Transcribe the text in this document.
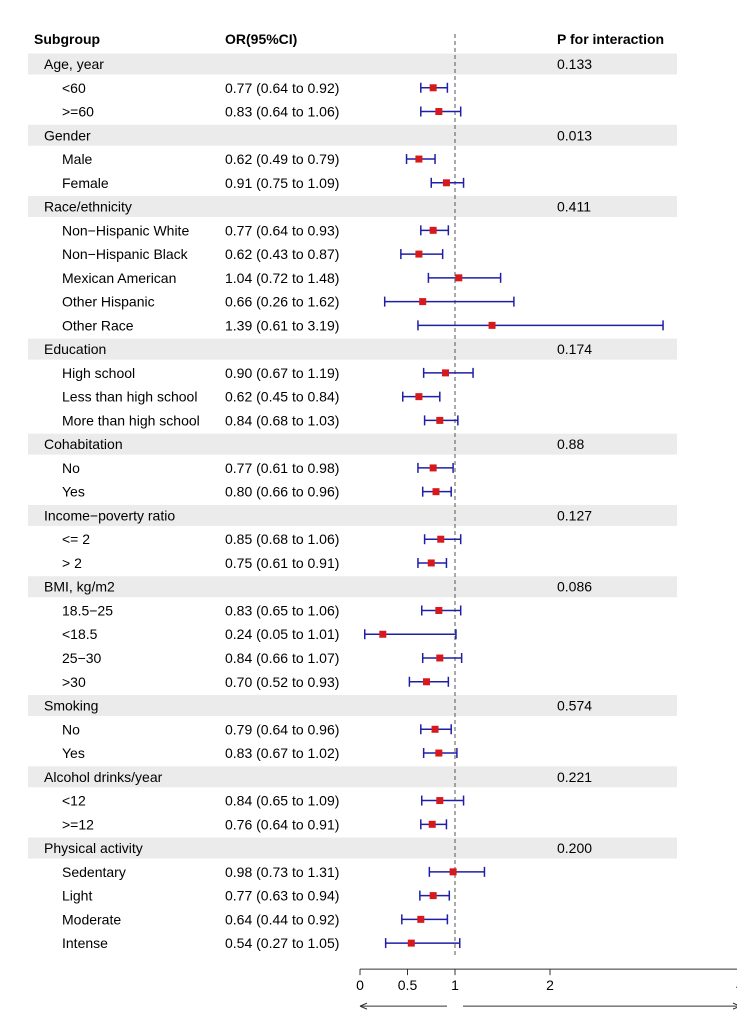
Subgroup	OR(95%CI)	P for interaction
Age, year	0.133
<60	0.77 (0.64 to 0.92)
>=60	0.83 (0.64 to 1.06)
Gender	0.013
Male	0.62 (0.49 to 0.79)
Female	0.91 (0.75 to 1.09)
Race/ethnicity	0.411
Non−Hispanic White	0.77 (0.64 to 0.93)
Non−Hispanic Black	0.62 (0.43 to 0.87)
Mexican American	1.04 (0.72 to 1.48)
Other Hispanic	0.66 (0.26 to 1.62)
Other Race	1.39 (0.61 to 3.19)
Education	0.174
High school	0.90 (0.67 to 1.19)
Less than high school 0.62 (0.45 to 0.84)
More than high school 0.84 (0.68 to 1.03)
Cohabitation	0.88
No	0.77 (0.61 to 0.98)
Yes	0.80 (0.66 to 0.96)
Income−poverty ratio	0.127
<= 2	0.85 (0.68 to 1.06)
> 2	0.75 (0.61 to 0.91)
BMI, kg/m2	0.086
18.5−25	0.83 (0.65 to 1.06)
<18.5	0.24 (0.05 to 1.01)
25−30	0.84 (0.66 to 1.07)
>30	0.70 (0.52 to 0.93)
Smoking	0.574
No	0.79 (0.64 to 0.96)
Yes	0.83 (0.67 to 1.02)
Alcohol drinks/year	0.221
<12	0.84 (0.65 to 1.09)
>=12	0.76 (0.64 to 0.91)
Physical activity	0.200
Sedentary	0.98 (0.73 to 1.31)
Light	0.77 (0.63 to 0.94)
Moderate	0.64 (0.44 to 0.92)
Intense	0.54 (0.27 to 1.05)
0 0.5 1	2
